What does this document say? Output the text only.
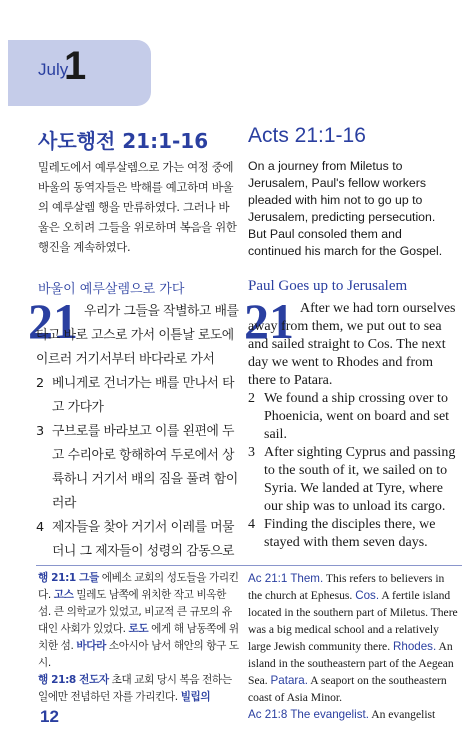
July
1
사도행전 21:1-16 Acts 21:1-16
밀레도에서 예루살렘으로 가는 여정 중에 바울의 동역자들은 박해를 예고하며 바울의 예루살렘 행을 만류하였다. 그러나 바울은 오히려 그들을 위로하며 복음을 위한 행진을 계속하였다.
On a journey from Miletus to Jerusalem, Paul's fellow workers pleaded with him not to go up to Jerusalem, predicting persecution. But Paul consoled them and continued his march for the Gospel.
바울이 예루살렘으로 가다	Paul Goes up to Jerusalem
21	21
우리가 그들을 작별하고 배를 타고 바로 고스로 가서 이튿날 로도에 이르러 거기서부터 바다라로 가서
2 베니게로 건너가는 배를 만나서 타고 가다가
3 구브로를 바라보고 이를 왼편에 두고 수리아로 항해하여 두로에서 상륙하니 거기서 배의 짐을 풀려 함이러라
4 제자들을 찾아 거기서 이레를 머물더니 그 제자들이 성령의 감동으로
After we had torn ourselves away from them, we put out to sea and sailed straight to Cos. The next day we went to Rhodes and from there to Patara.
2 We found a ship crossing over to Phoenicia, went on board and set sail.
3 After sighting Cyprus and passing to the south of it, we sailed on to Syria. We landed at Tyre, where our ship was to unload its cargo.
4 Finding the disciples there, we stayed with them seven days.
행 21:1 그들 에베소 교회의 성도들을 가리킨다. 고스 밀레도 남쪽에 위치한 작고 비옥한 섬. 큰 의학교가 있었고, 비교적 큰 규모의 유대인 사회가 있었다. 로도 에게 해 남동쪽에 위치한 섬. 바다라 소아시아 남서 해안의 항구 도시.
행 21:8 전도자 초대 교회 당시 복음 전하는 일에만 전념하던 자를 가리킨다. 빌립의
Ac 21:1 Them. This refers to believers in the church at Ephesus. Cos. A fertile island located in the southern part of Miletus. There was a big medical school and a relatively large Jewish community there. Rhodes. An island in the southeastern part of the Aegean Sea. Patara. A seaport on the southeastern coast of Asia Minor.
Ac 21:8 The evangelist. An evangelist
12
